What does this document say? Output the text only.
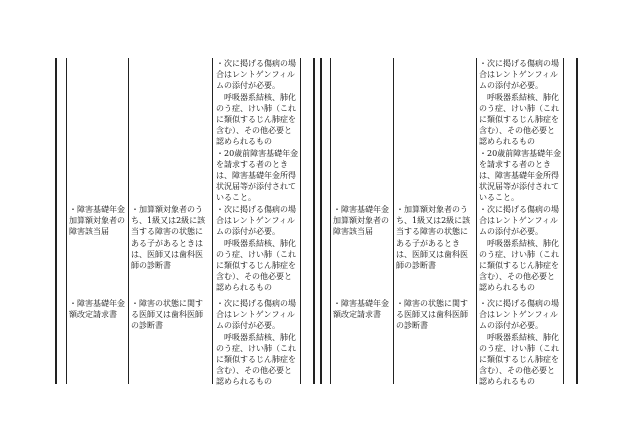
・次に掲げる傷病の場
合はレントゲンフィル
ムの添付が必要。
　呼吸器系結核、肺化
のう症、けい肺（これ
に類似するじん肺症を
含む）、その他必要と
認められるもの
・20歳前障害基礎年金
を請求する者のとき
は、障害基礎年金所得
状況届等が添付されて
いること。
・障害基礎年金
加算額対象者の
障害該当届
・加算額対象者のう
ち、1級又は2級に該
当する障害の状態に
ある子があるときは
は、医師又は歯科医
師の診断書
・次に掲げる傷病の場
合はレントゲンフィル
ムの添付が必要。
　呼吸器系結核、肺化
のう症、けい肺（これ
に類似するじん肺症を
含む）、その他必要と
認められるもの
・障害基礎年金
額改定請求書
・障害の状態に関す
る医師又は歯科医師
の診断書
・次に掲げる傷病の場
合はレントゲンフィル
ムの添付が必要。
　呼吸器系結核、肺化
のう症、けい肺（これ
に類似するじん肺症を
含む）、その他必要と
認められるもの
・次に掲げる傷病の場
合はレントゲンフィル
ムの添付が必要。
　呼吸器系結核、肺化
のう症、けい肺（これ
に類似するじん肺症を
含む）、その他必要と
認められるもの
・20歳前障害基礎年金
を請求する者のとき
は、障害基礎年金所得
状況届等が添付されて
いること。
・障害基礎年金
加算額対象者の
障害該当届
・加算額対象者のう
ち、1級又は2級に該
当する障害の状態に
ある子があるとき
は、医師又は歯科医
師の診断書
・次に掲げる傷病の場
合はレントゲンフィル
ムの添付が必要。
　呼吸器系結核、肺化
のう症、けい肺（これ
に類似するじん肺症を
含む）、その他必要と
認められるもの
・障害基礎年金
額改定請求書
・障害の状態に関す
る医師又は歯科医師
の診断書
・次に掲げる傷病の場
合はレントゲンフィル
ムの添付が必要。
　呼吸器系結核、肺化
のう症、けい肺（これ
に類似するじん肺症を
含む）、その他必要と
認められるもの
